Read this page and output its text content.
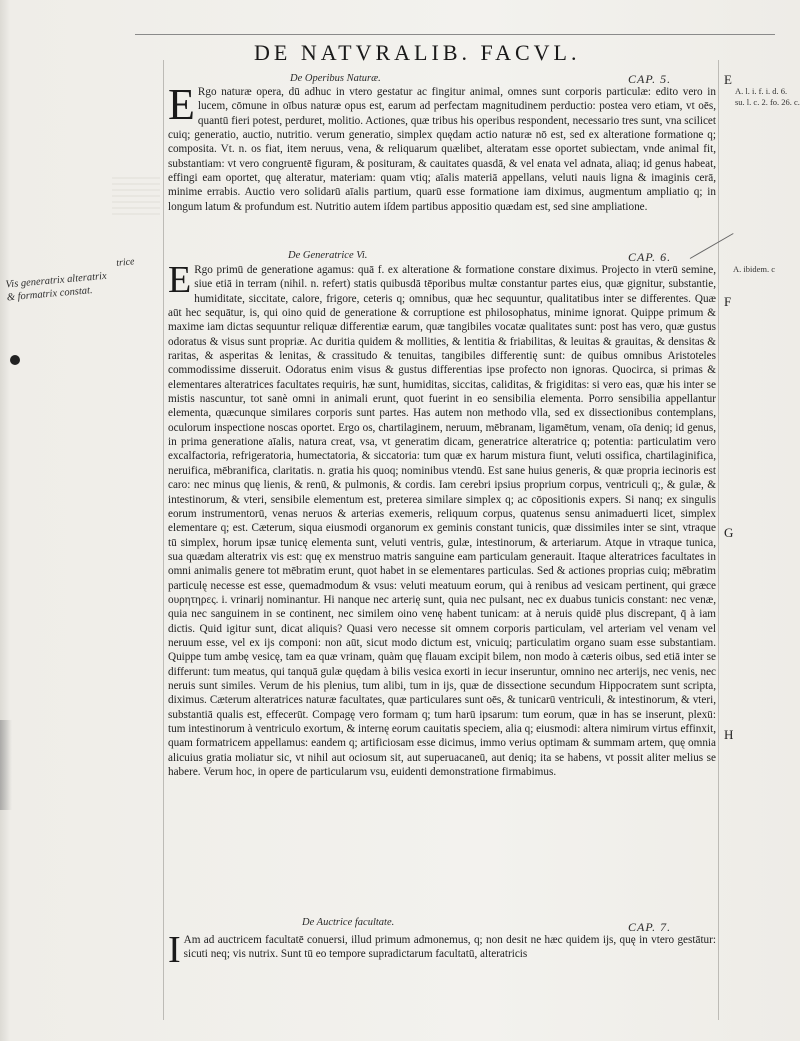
DE NATVRALIB. FACVL.
De Operibus Naturæ.	CAP. 5.
E Rgo naturæ opera, dū adhuc in vtero gestatur ac fingitur animal, omnes sunt corporis particulæ: edito vero in lucem, cōmune in oībus naturæ opus est, earum ad perfectam magnitudinem perductio: postea vero etiam, vt oēs, quantū fieri potest, perduret, molitio. Actiones, quæ tribus his operibus respondent, necessario tres sunt, vna scilicet cuiq; generatio, auctio, nutritio. verum generatio, simplex quędam actio naturæ nō est, sed ex alteratione formatione q; composita. Vt. n. os fiat, item neruus, vena, & reliquarum quælibet, alteratam esse oportet subiectam, vnde animal fit, substantiam: vt vero congruentē figuram, & posituram, & cauitates quasdā, & vel enata vel adnata, aliaq; id genus habeat, effingi eam oportet, quę alteratur, materiam: quam vtiq; aīalis materiā appellans, veluti nauis ligna & imaginis cerā, minime errabis. Auctio vero solidarū aīalis partium, quarū esse formatione iam diximus, augmentum ampliatio q; in longum latum & profundum est. Nutritio autem iſdem partibus appositio quædam est, sed sine ampliatione.
De Generatrice Vi.	CAP. 6.
E Rgo primū de generatione agamus: quā f. ex alteratione & formatione constare diximus. Projecto in vterū semine, siue etiā in terram (nihil. n. refert) statis quibusdā tēporibus multæ constantur partes eius, quæ gignitur, substantie, humiditate, siccitate, calore, frigore, ceteris q; omnibus, quæ hec sequuntur, qualitatibus inter se differentes. Quæ aūt hec sequātur, is, qui oino quid de generatione & corruptione est philosophatus, minime ignorat. Quippe primum & maxime iam dictas sequuntur reliquæ differentiæ earum, quæ tangibiles vocatæ qualitates sunt: post has vero, quæ gustus odoratus & visus sunt propriæ. Ac duritia quidem & mollities, & lentitia & friabilitas, & leuitas & grauitas, & densitas & raritas, & asperitas & lenitas, & crassitudo & tenuitas, tangibiles differentię sunt: de quibus omnibus Aristoteles commodissime disseruit. Odoratus enim visus & gustus differentias ipse profecto non ignoras. Quocirca, si primas & elementares alteratrices facultates requiris, hæ sunt, humiditas, siccitas, caliditas, & frigiditas: si vero eas, quæ his inter se mistis nascuntur, tot sanè omni in animali erunt, quot fuerint in eo sensibilia elementa. Porro sensibilia appellantur elementa, quæcunque similares corporis sunt partes. Has autem non methodo vlla, sed ex dissectionibus contemplans, oculorum inspectione noscas oportet. Ergo os, chartilaginem, neruum, mēbranam, ligamētum, venam, oīa deniq; id genus, in prima generatione aīalis, natura creat, vsa, vt generatim dicam, generatrice alteratrice q; potentia: particulatim vero excalfactoria, refrigeratoria, humectatoria, & siccatoria: tum quæ ex harum mistura fiunt, veluti ossifica, chartilaginifica, neruifica, mēbranifica, claritatis. n. gratia his quoq; nominibus vtendū. Est sane huius generis, & quæ propria iecinoris est caro: nec minus quę lienis, & renū, & pulmonis, & cordis. Iam cerebri ipsius proprium corpus, ventriculi q;, & gulæ, & intestinorum, & vteri, sensibile elementum est, preterea similare simplex q; ac cōpositionis expers. Si nanq; ex singulis eorum instrumentorū, venas neruos & arterias exemeris, reliquum corpus, quatenus sensu animaduerti licet, simplex elementare q; est. Cæterum, siqua eiusmodi organorum ex geminis constant tunicis, quæ dissimiles inter se sint, vtraque tū simplex, horum ipsæ tunicę elementa sunt, veluti ventris, gulæ, intestinorum, & arteriarum. Atque in vtraque tunica, sua quædam alteratrix vis est: quę ex menstruo matris sanguine eam particulam generauit. Itaque alteratrices facultates in omni animalis genere tot mēbratim erunt, quot habet in se elementares particulas. Sed & actiones proprias cuiq; mēbratim particulę necesse est esse, quemadmodum & vsus: veluti meatuum eorum, qui à renibus ad vesicam pertinent, qui græce ουρητηρες. i. vrinarij nominantur. Hi nanque nec arterię sunt, quia nec pulsant, nec ex duabus tunicis constant: nec venæ, quia nec sanguinem in se continent, nec similem oino venę habent tunicam: at à neruis quidē plus discrepant, q̄ à iam dictis. Quid igitur sunt, dicat aliquis? Quasi vero necesse sit omnem corporis particulam, vel arteriam vel venam vel neruum esse, vel ex ijs componi: non aūt, sicut modo dictum est, vnicuiq; particulatim organo suam esse substantiam. Quippe tum ambę vesicę, tam ea quæ vrinam, quàm quę flauam excipit bilem, non modo à cæteris oibus, sed etiā inter se differunt: tum meatus, qui tanquā gulæ quędam à bilis vesica exorti in iecur inseruntur, omnino nec arterijs, nec venis, nec neruis sunt similes. Verum de his plenius, tum alibi, tum in ijs, quæ de dissectione secundum Hippocratem sunt scripta, diximus. Cæterum alteratrices naturæ facultates, quæ particulares sunt oēs, & tunicarū ventriculi, & intestinorum, & vteri, substantiā qualis est, effecerūt. Compagę vero formam q; tum harū ipsarum: tum eorum, quæ in has se inserunt, plexū: tum intestinorum à ventriculo exortum, & internę eorum cauitatis speciem, alia q; eiusmodi: altera nimirum virtus effinxit, quam formatricem appellamus: eandem q; artificiosam esse dicimus, immo verius optimam & summam artem, quę omnia alicuius gratia moliatur sic, vt nihil aut ociosum sit, aut superuacaneū, aut deniq; ita se habens, vt possit aliter melius se habere. Verum hoc, in opere de particularum vsu, euidenti demonstratione firmabimus.
De Auctrice facultate.	CAP. 7.
I Am ad auctricem facultatē conuersi, illud primum admonemus, q; non desit ne hæc quidem ijs, quę in vtero gestātur: sicuti neq; vis nutrix. Sunt tū eo tempore supradictarum facultatū, alteratricis
E
F
G
H
A. l. i. f. i. d. 6.
su. l. c. 2. fo. 26. c.
A. ibidem. c
trice
Vis generatrix alteratrix
& formatrix constat.
